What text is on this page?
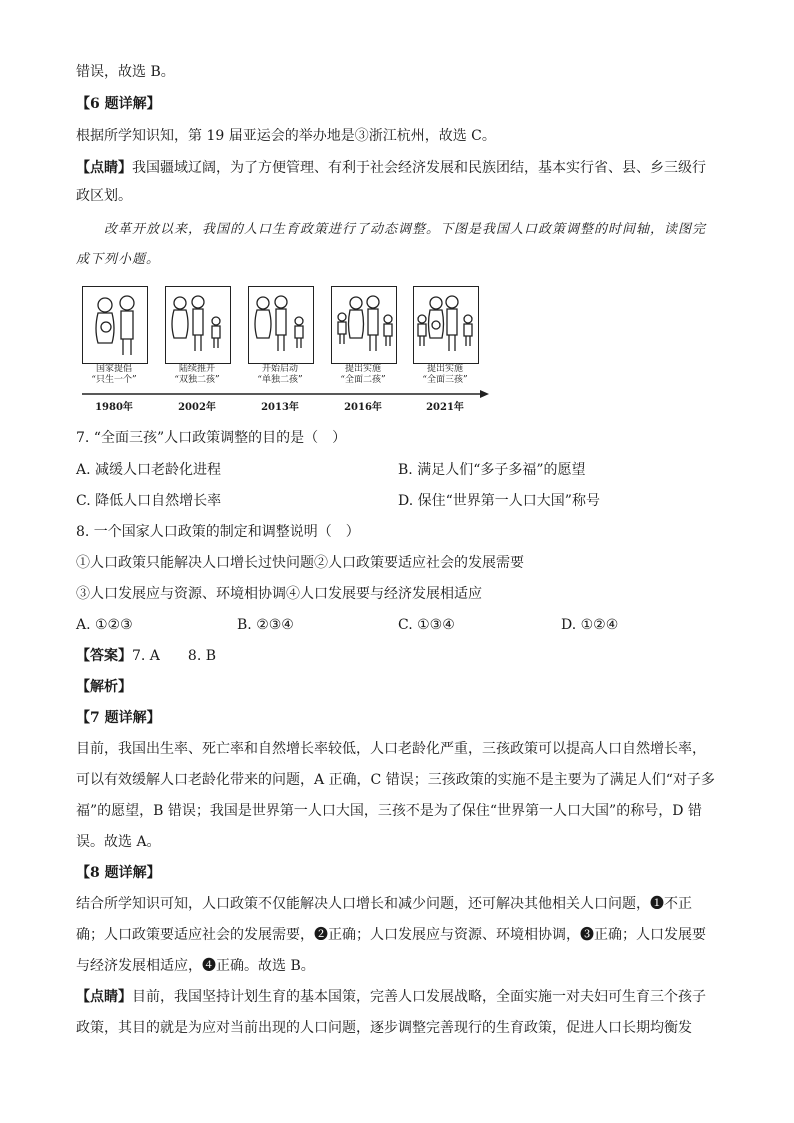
错误，故选 B。
【6 题详解】
根据所学知识知，第 19 届亚运会的举办地是③浙江杭州，故选 C。
【点睛】我国疆域辽阔，为了方便管理、有利于社会经济发展和民族团结，基本实行省、县、乡三级行
政区划。
改革开放以来，我国的人口生育政策进行了动态调整。下图是我国人口政策调整的时间轴，读图完
成下列小题。
国家提倡
“只生一个”
陆续推开
“双独二孩”
开始启动
“单独二孩”
提出实施
“全面二孩”
提出实施
“全面三孩”
1980年	2002年	2013年	2016年	2021年
7. “全面三孩”人口政策调整的目的是（　）
A. 减缓人口老龄化进程	B. 满足人们“多子多福”的愿望
C. 降低人口自然增长率	D. 保住“世界第一人口大国”称号
8. 一个国家人口政策的制定和调整说明（　）
①人口政策只能解决人口增长过快问题②人口政策要适应社会的发展需要
③人口发展应与资源、环境相协调④人口发展要与经济发展相适应
A. ①②③	B. ②③④	C. ①③④	D. ①②④
【答案】7. A　　8. B
【解析】
【7 题详解】
目前，我国出生率、死亡率和自然增长率较低，人口老龄化严重，三孩政策可以提高人口自然增长率，
可以有效缓解人口老龄化带来的问题，A 正确，C 错误；三孩政策的实施不是主要为了满足人们“对子多
福”的愿望，B 错误；我国是世界第一人口大国，三孩不是为了保住“世界第一人口大国”的称号，D 错
误。故选 A。
【8 题详解】
结合所学知识可知，人口政策不仅能解决人口增长和减少问题，还可解决其他相关人口问题，❶不正
确；人口政策要适应社会的发展需要，❷正确；人口发展应与资源、环境相协调，❸正确；人口发展要
与经济发展相适应，❹正确。故选 B。
【点睛】目前，我国坚持计划生育的基本国策，完善人口发展战略，全面实施一对夫妇可生育三个孩子
政策，其目的就是为应对当前出现的人口问题，逐步调整完善现行的生育政策，促进人口长期均衡发
